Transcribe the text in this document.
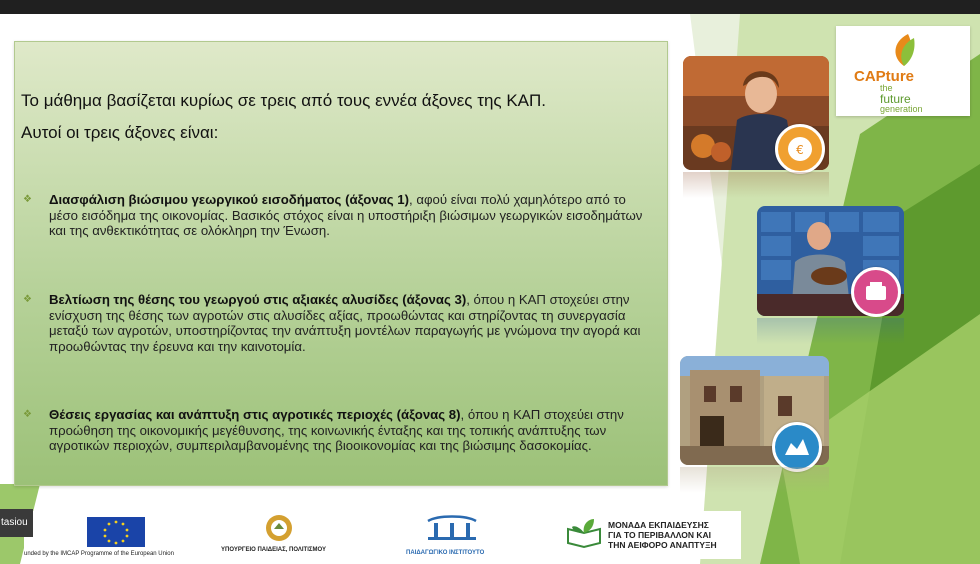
Το μάθημα βασίζεται κυρίως σε τρεις από τους εννέα άξονες της ΚΑΠ.
Αυτοί οι τρεις άξονες είναι:
❖	Διασφάλιση βιώσιμου γεωργικού εισοδήματος (άξονας 1), αφού είναι πολύ χαμηλότερο από το μέσο εισόδημα της οικονομίας. Βασικός στόχος είναι η υποστήριξη βιώσιμων γεωργικών εισοδημάτων και της ανθεκτικότητας σε ολόκληρη την Ένωση.
❖	Βελτίωση της θέσης του γεωργού στις αξιακές αλυσίδες (άξονας 3), όπου η ΚΑΠ στοχεύει στην ενίσχυση της θέσης των αγροτών στις αλυσίδες αξίας, προωθώντας και στηρίζοντας τη συνεργασία μεταξύ των αγροτών, υποστηρίζοντας την ανάπτυξη μοντέλων παραγωγής με γνώμονα την αγορά και προωθώντας την έρευνα και την καινοτομία.
❖	Θέσεις εργασίας και ανάπτυξη στις αγροτικές περιοχές (άξονας 8), όπου η ΚΑΠ στοχεύει στην προώθηση της οικονομικής μεγέθυνσης, της κοινωνικής ένταξης και της τοπικής ανάπτυξης των αγροτικών περιοχών, συμπεριλαμβανομένης της βιοοικονομίας και της βιώσιμης δασοκομίας.
CAPture
the
future
generation
€
unded by the IMCAP Programme of the European Union
ΥΠΟΥΡΓΕΙΟ ΠΑΙΔΕΙΑΣ, ΠΟΛΙΤΙΣΜΟΥ	ΠΑΙΔΑΓΩΓΙΚΟ ΙΝΣΤΙΤΟΥΤΟ
ΜΟΝΑΔΑ ΕΚΠΑΙΔΕΥΣΗΣ
ΓΙΑ ΤΟ ΠΕΡΙΒΑΛΛΟΝ ΚΑΙ
ΤΗΝ ΑΕΙΦΟΡΟ ΑΝΑΠΤΥΞΗ
tasiou
